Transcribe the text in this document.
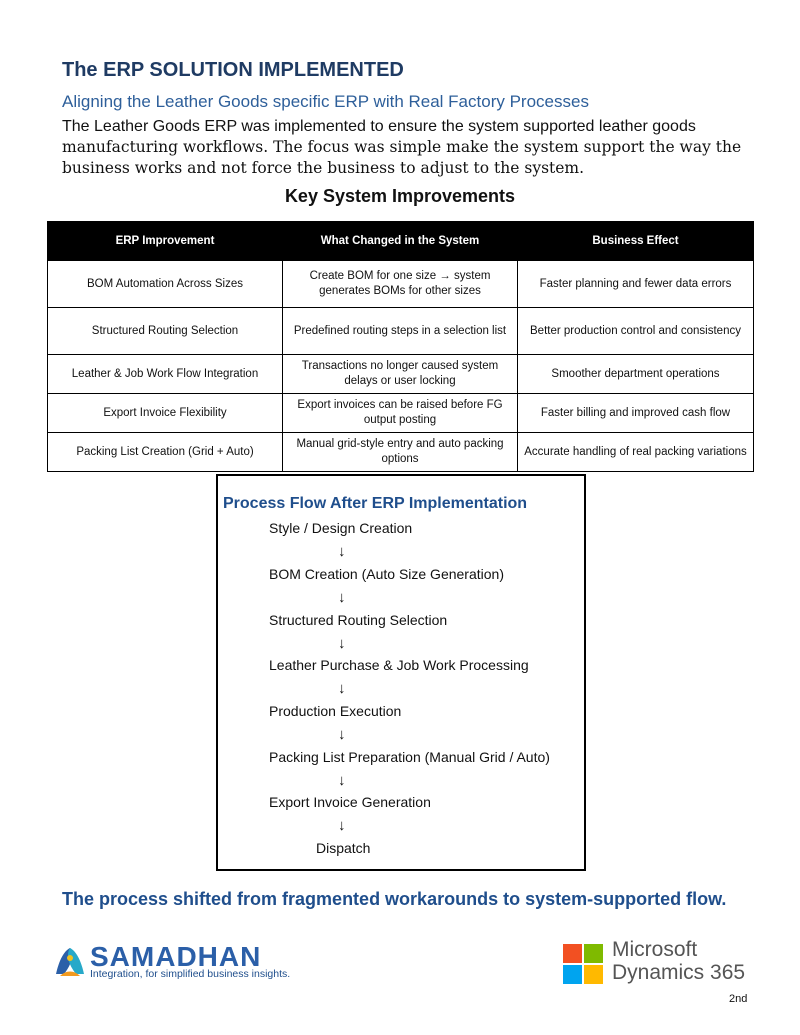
The ERP SOLUTION IMPLEMENTED
Aligning the Leather Goods specific ERP with Real Factory Processes
The Leather Goods ERP was implemented to ensure the system supported leather goods
manufacturing workflows. The focus was simple make the system support the way the
business works and not force the business to adjust to the system.
Key System Improvements
ERP Improvement	What Changed in the System	Business Effect
BOM Automation Across Sizes	Create BOM for one size → system generates BOMs for other sizes	Faster planning and fewer data errors
Structured Routing Selection	Predefined routing steps in a selection list	Better production control and consistency
Leather & Job Work Flow Integration	Transactions no longer caused system delays or user locking	Smoother department operations
Export Invoice Flexibility	Export invoices can be raised before FG output posting	Faster billing and improved cash flow
Packing List Creation (Grid + Auto)	Manual grid-style entry and auto packing options	Accurate handling of real packing variations
Process Flow After ERP Implementation
Style / Design Creation
↓
BOM Creation (Auto Size Generation)
↓
Structured Routing Selection
↓
Leather Purchase & Job Work Processing
↓
Production Execution
↓
Packing List Preparation (Manual Grid / Auto)
↓
Export Invoice Generation
↓
Dispatch
The process shifted from fragmented workarounds to system-supported flow.
SAMADHAN
Integration, for simplified business insights.
Microsoft
Dynamics 365
2nd
